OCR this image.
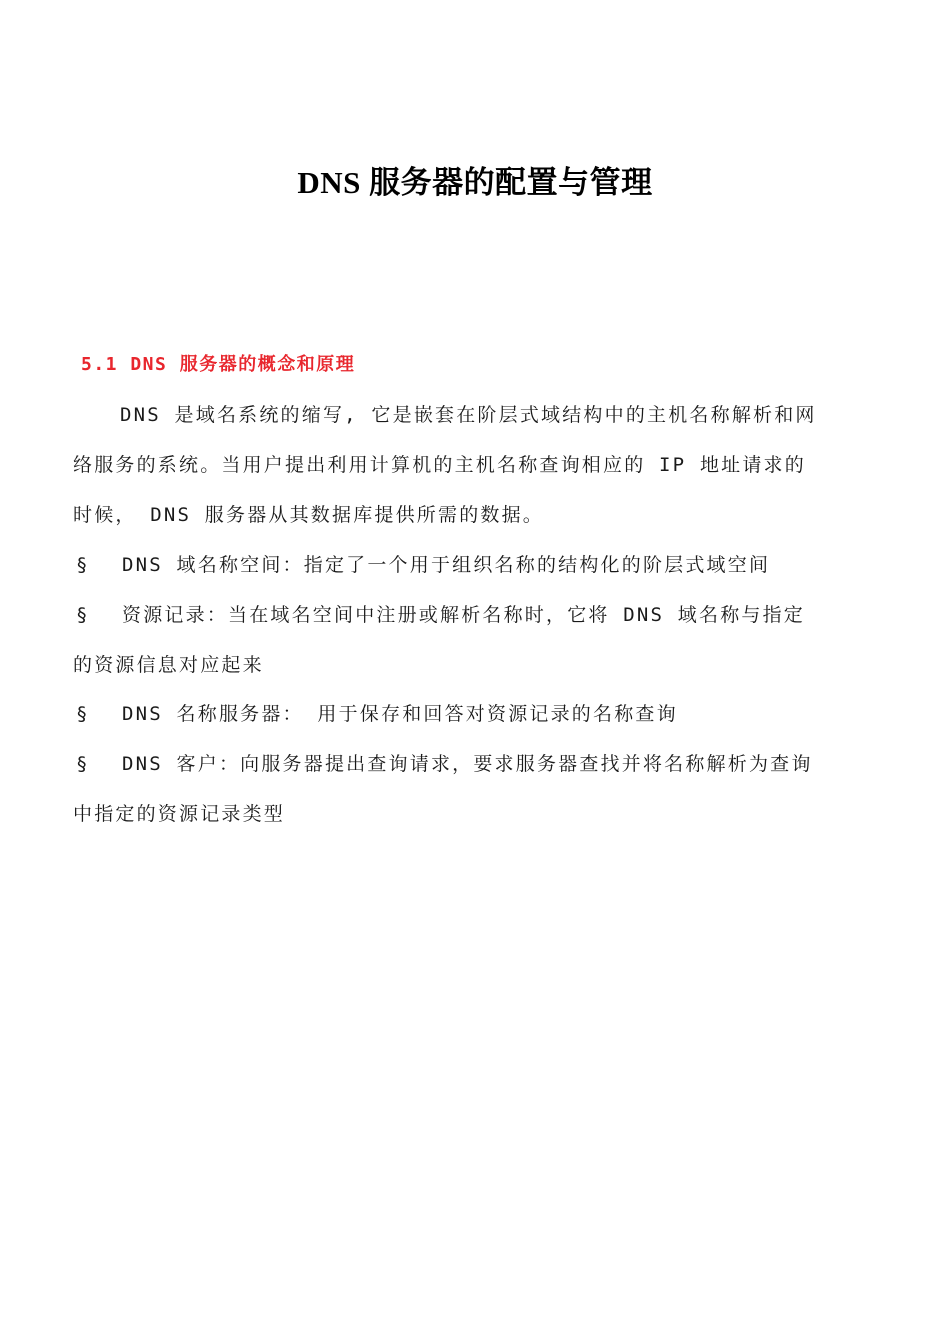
DNS 服务器的配置与管理
5.1 DNS 服务器的概念和原理
DNS 是域名系统的缩写, 它是嵌套在阶层式域结构中的主机名称解析和网
络服务的系统。当用户提出利用计算机的主机名称查询相应的 IP 地址请求的
时候， DNS 服务器从其数据库提供所需的数据。
§ DNS 域名称空间：指定了一个用于组织名称的结构化的阶层式域空间
§ 资源记录：当在域名空间中注册或解析名称时，它将 DNS 域名称与指定
的资源信息对应起来
§ DNS 名称服务器： 用于保存和回答对资源记录的名称查询
§ DNS 客户：向服务器提出查询请求，要求服务器查找并将名称解析为查询
中指定的资源记录类型
